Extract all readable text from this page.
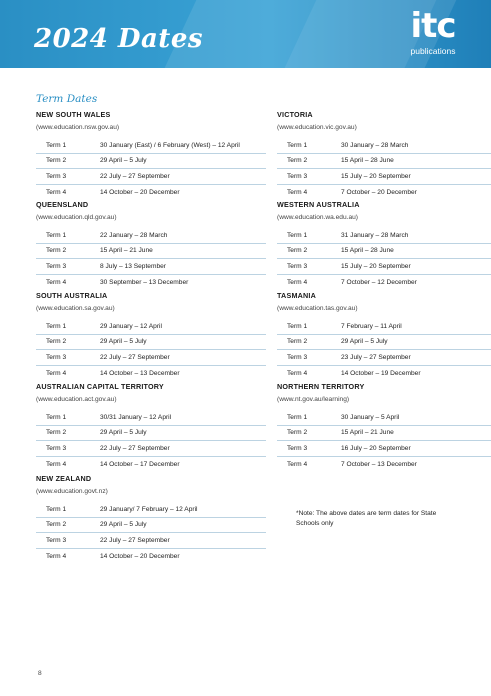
2024 Dates	itc
publications
Term Dates
NEW SOUTH WALES
(www.education.nsw.gov.au)
Term 1	30 January (East) / 6 February (West) – 12 April
Term 2	29 April – 5 July
Term 3	22 July – 27 September
Term 4	14 October – 20 December
VICTORIA
(www.education.vic.gov.au)
Term 1	30 January – 28 March
Term 2	15 April – 28 June
Term 3	15 July – 20 September
Term 4	7 October – 20 December
QUEENSLAND
(www.education.qld.gov.au)
Term 1	22 January – 28 March
Term 2	15 April – 21 June
Term 3	8 July – 13 September
Term 4	30 September – 13 December
WESTERN AUSTRALIA
(www.education.wa.edu.au)
Term 1	31 January – 28 March
Term 2	15 April – 28 June
Term 3	15 July – 20 September
Term 4	7 October – 12 December
SOUTH AUSTRALIA
(www.education.sa.gov.au)
Term 1	29 January – 12 April
Term 2	29 April – 5 July
Term 3	22 July – 27 September
Term 4	14 October – 13 December
TASMANIA
(www.education.tas.gov.au)
Term 1	7 February – 11 April
Term 2	29 April – 5 July
Term 3	23 July – 27 September
Term 4	14 October – 19 December
AUSTRALIAN CAPITAL TERRITORY
(www.education.act.gov.au)
Term 1	30/31 January – 12 April
Term 2	29 April – 5 July
Term 3	22 July – 27 September
Term 4	14 October – 17 December
NORTHERN TERRITORY
(www.nt.gov.au/learning)
Term 1	30 January – 5 April
Term 2	15 April – 21 June
Term 3	16 July – 20 September
Term 4	7 October – 13 December
NEW ZEALAND
(www.education.govt.nz)
Term 1	29 January/ 7 February – 12 April
Term 2	29 April – 5 July
Term 3	22 July – 27 September
Term 4	14 October – 20 December
*Note: The above dates are term dates for State Schools only
8
